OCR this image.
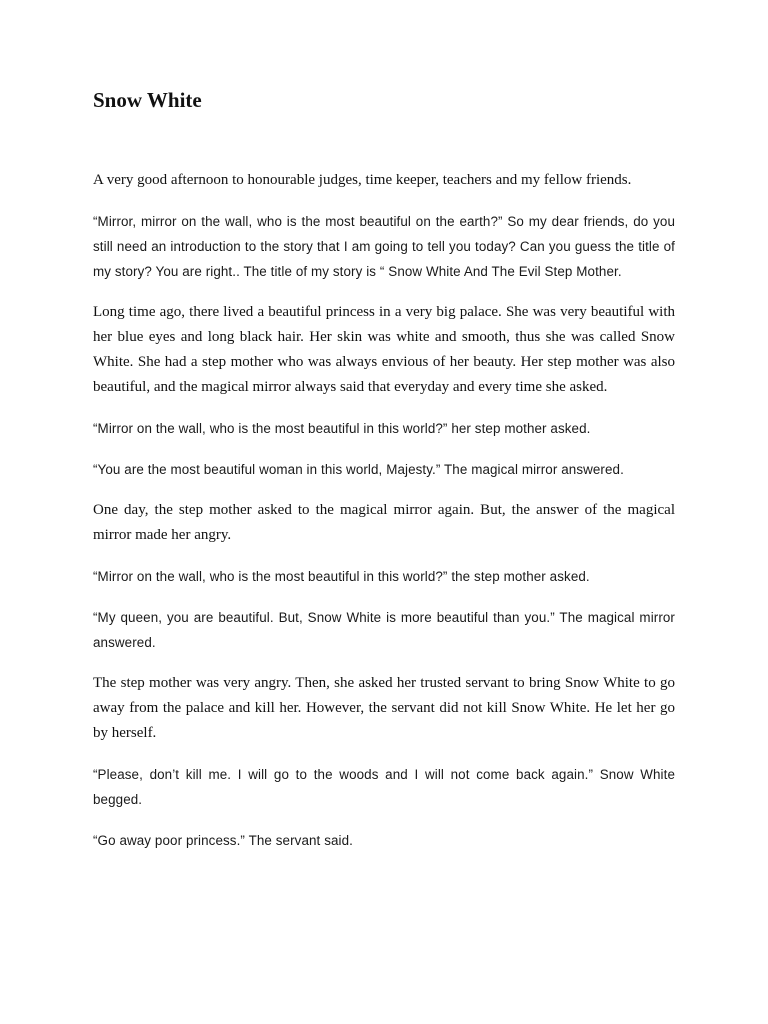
Snow White

A very good afternoon to honourable judges, time keeper, teachers and my fellow friends.

“Mirror, mirror on the wall, who is the most beautiful on the earth?” So my dear friends, do you still need an introduction to the story that I am going to tell you today? Can you guess the title of my story? You are right.. The title of my story is “ Snow White And The Evil Step Mother.

Long time ago, there lived a beautiful princess in a very big palace. She was very beautiful with her blue eyes and long black hair. Her skin was white and smooth, thus she was called Snow White. She had a step mother who was always envious of her beauty. Her step mother was also beautiful, and the magical mirror always said that everyday and every time she asked.

“Mirror on the wall, who is the most beautiful in this world?” her step mother asked.

“You are the most beautiful woman in this world, Majesty.” The magical mirror answered.

One day, the step mother asked to the magical mirror again. But, the answer of the magical mirror made her angry.

“Mirror on the wall, who is the most beautiful in this world?” the step mother asked.

“My queen, you are beautiful. But, Snow White is more beautiful than you.” The magical mirror answered.

The step mother was very angry. Then, she asked her trusted servant to bring Snow White to go away from the palace and kill her. However, the servant did not kill Snow White. He let her go by herself.

“Please, don’t kill me. I will go to the woods and I will not come back again.” Snow White begged.

“Go away poor princess.” The servant said.
